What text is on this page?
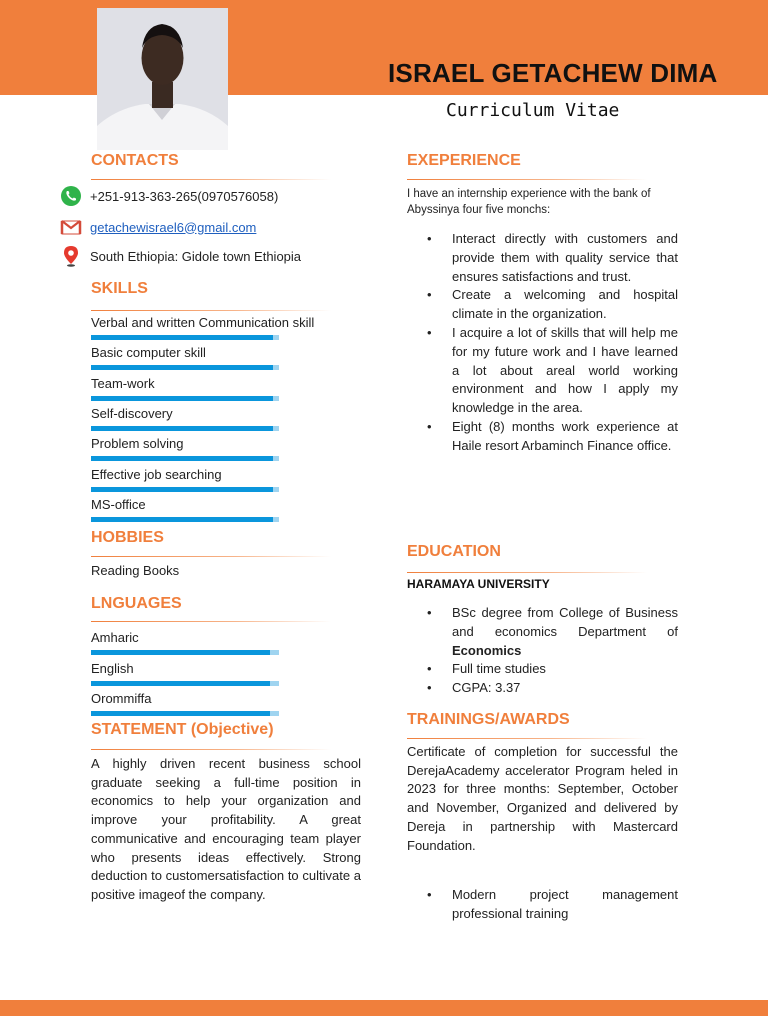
ISRAEL GETACHEW DIMA
Curriculum Vitae
CONTACTS
+251-913-363-265(0970576058)
getachewisrael6@gmail.com
South Ethiopia: Gidole town Ethiopia
SKILLS
Verbal and written Communication skill
Basic computer skill
Team-work
Self-discovery
Problem solving
Effective job searching
MS-office
HOBBIES
Reading Books
LNGUAGES
Amharic
English
Orommiffa
STATEMENT (Objective)
A highly driven recent business school graduate seeking a full-time position in economics to help your organization and improve your profitability. A great communicative and encouraging team player who presents ideas effectively. Strong deduction to customersatisfaction to cultivate a positive imageof the company.
EXEPERIENCE
I have an internship experience with the bank of Abyssinya four five monchs:
• Interact directly with customers and provide them with quality service that ensures satisfactions and trust.
• Create a welcoming and hospital climate in the organization.
• I acquire a lot of skills that will help me for my future work and I have learned a lot about areal world working environment and how I apply my knowledge in the area.
• Eight (8) months work experience at Haile resort Arbaminch Finance office.
EDUCATION
HARAMAYA UNIVERSITY
• BSc degree from College of Business and economics Department of Economics
• Full time studies
• CGPA: 3.37
TRAININGS/AWARDS
Certificate of completion for successful the DerejaAcademy accelerator Program heled in 2023 for three months: September, October and November, Organized and delivered by Dereja in partnership with Mastercard Foundation.
• Modern project management professional training
